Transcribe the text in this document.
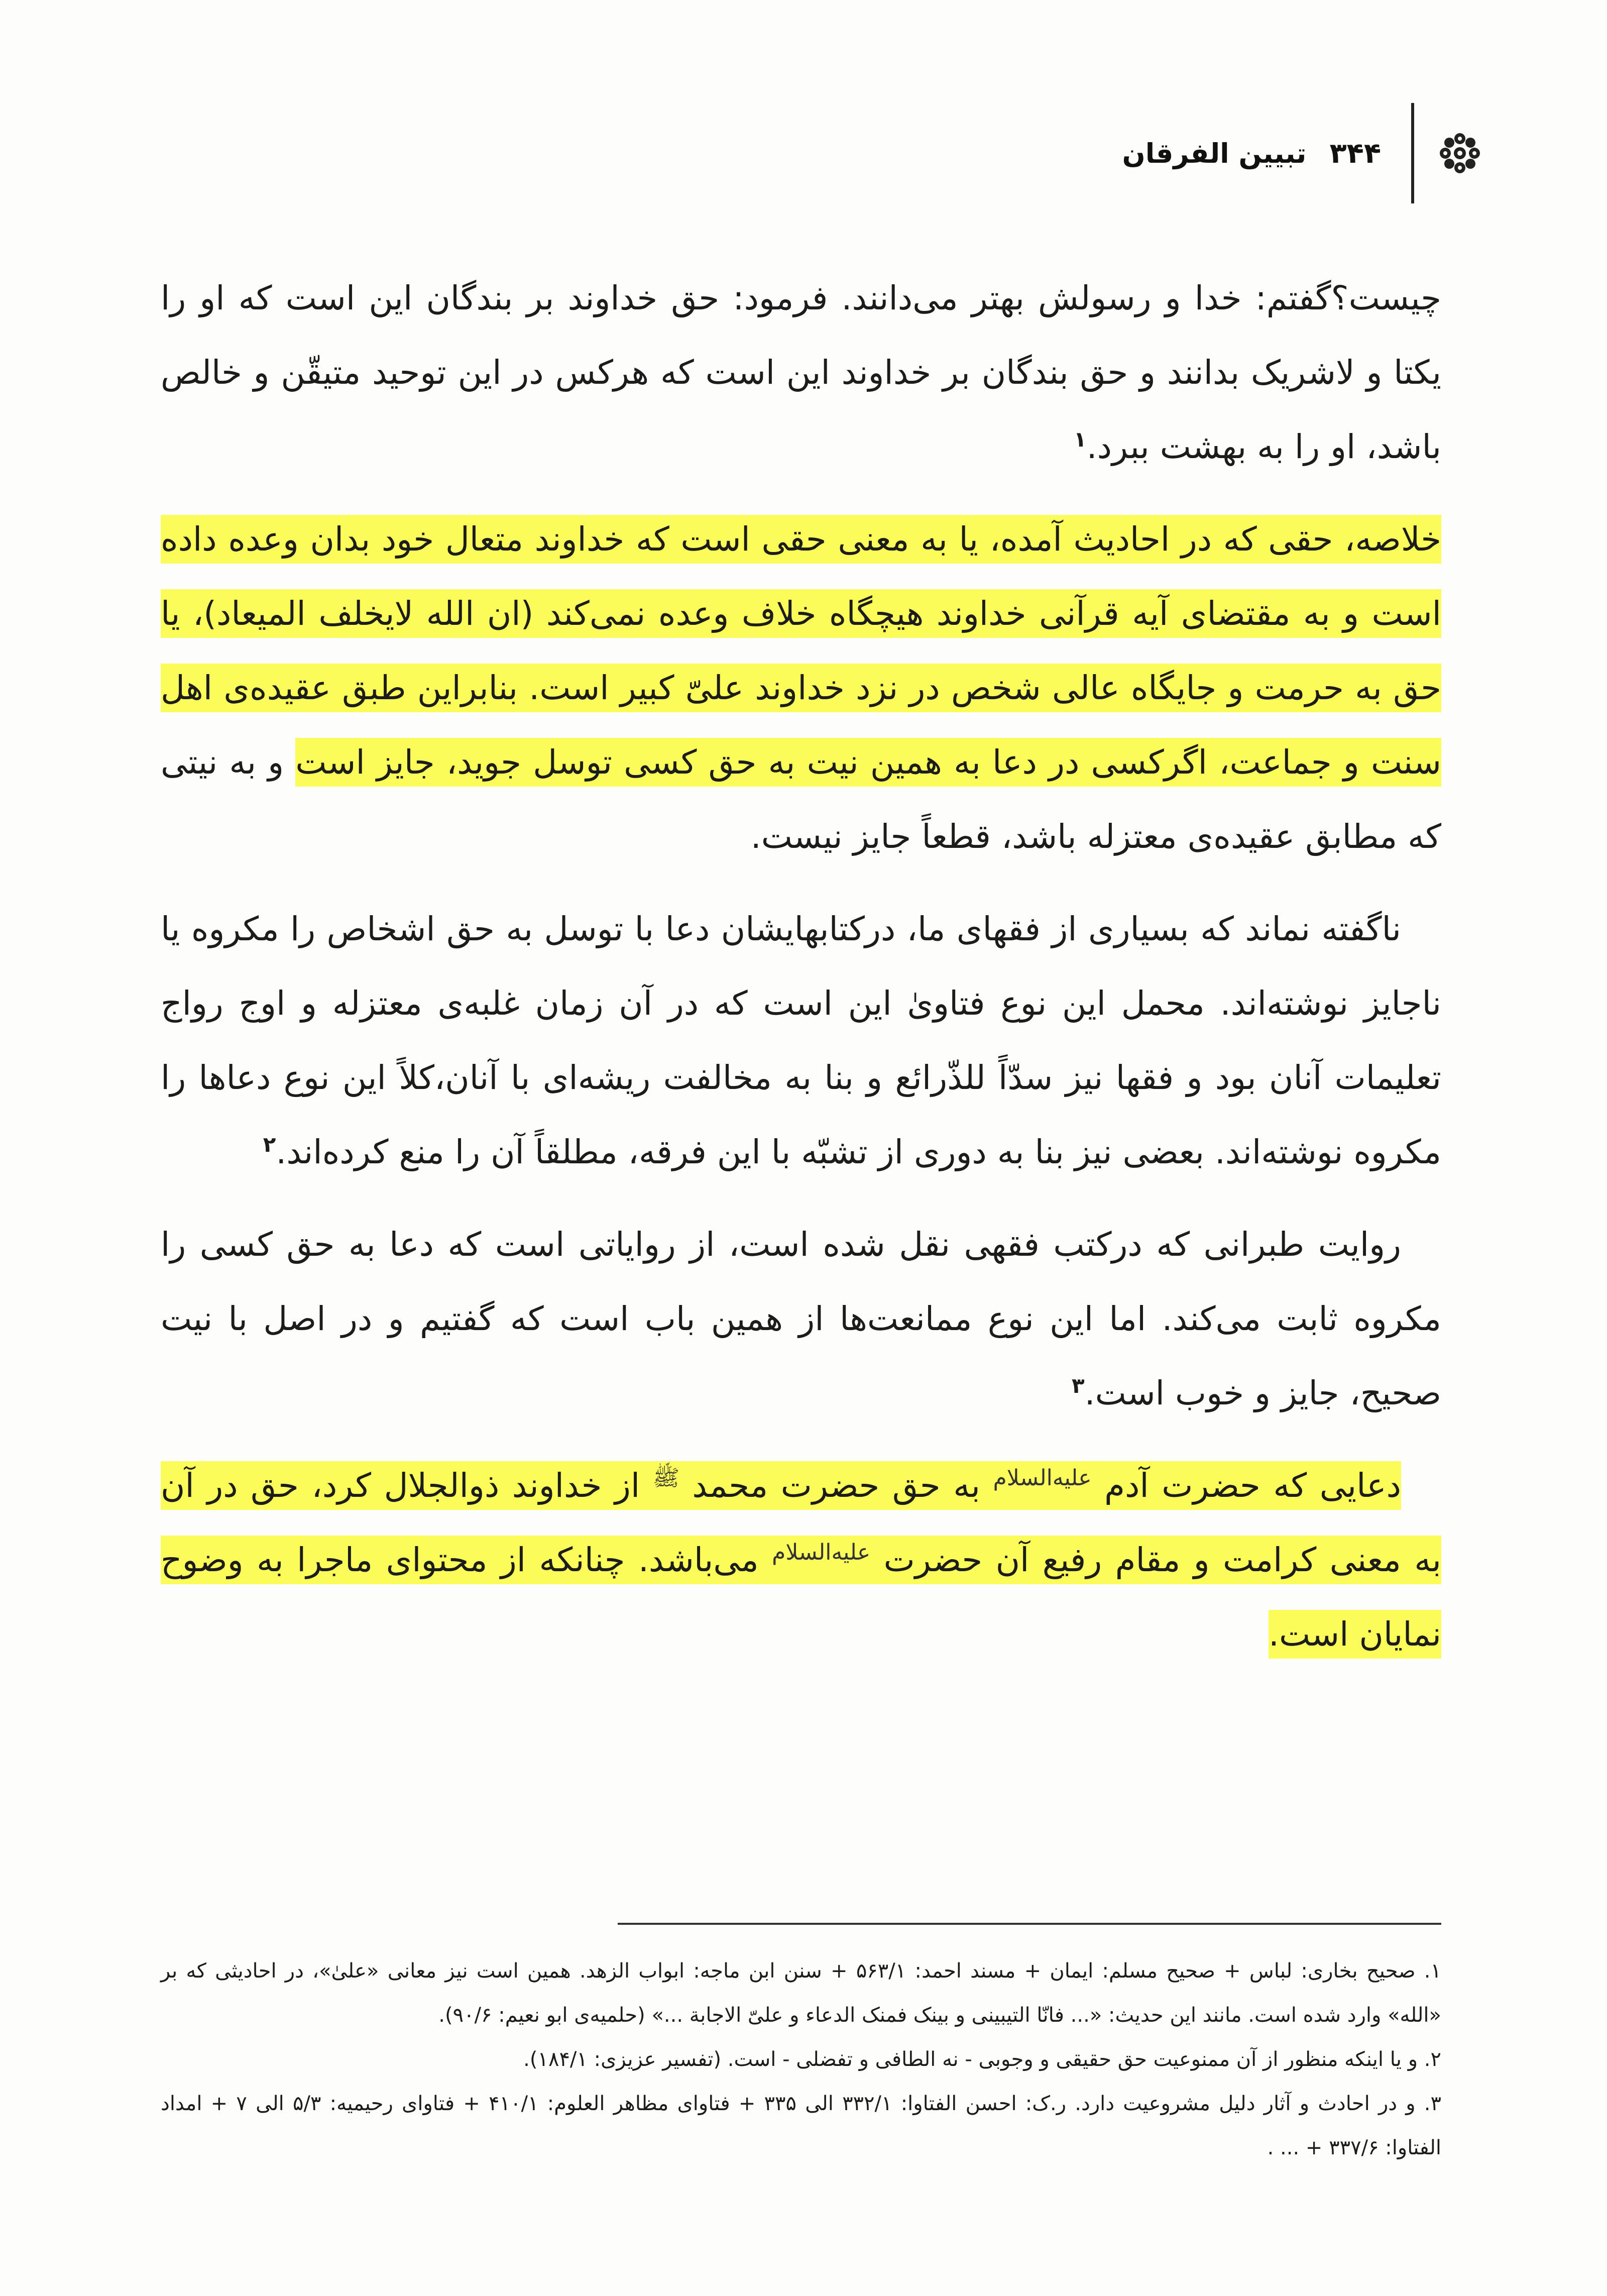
۳۴۴
تبیین الفرقان

چیست؟گفتم: خدا و رسولش بهتر می‌دانند. فرمود: حق خداوند بر بندگان این است که او را یکتا و لاشریک بدانند و حق بندگان بر خداوند این است که هرکس در این توحید متیقّن و خالص باشد، او را به بهشت ببرد.$^۱$

خلاصه، حقی که در احادیث آمده، یا به معنی حقی است که خداوند متعال خود بدان وعده داده است و به مقتضای آیه قرآنی خداوند هیچگاه خلاف وعده نمی‌کند (ان الله لایخلف المیعاد)، یا حق به حرمت و جایگاه عالی شخص در نزد خداوند علیّ کبیر است. بنابراین طبق عقیده‌ی اهل سنت و جماعت، اگرکسی در دعا به همین نیت به حق کسی توسل جوید، جایز است و به نیتی که مطابق عقیده‌ی معتزله باشد، قطعاً جایز نیست.

ناگفته نماند که بسیاری از فقهای ما، درکتابهایشان دعا با توسل به حق اشخاص را مکروه یا ناجایز نوشته‌اند. محمل این نوع فتاویٰ این است که در آن زمان غلبه‌ی معتزله و اوج رواج تعلیمات آنان بود و فقها نیز سدّاً للذّرائع و بنا به مخالفت ریشه‌ای با آنان،کلاً این نوع دعاها را مکروه نوشته‌اند. بعضی نیز بنا به دوری از تشبّه با این فرقه، مطلقاً آن را منع کرده‌اند.$^۲$

روایت طبرانی که درکتب فقهی نقل شده است، از روایاتی است که دعا به حق کسی را مکروه ثابت می‌کند. اما این نوع ممانعت‌ها از همین باب است که گفتیم و در اصل با نیت صحیح، جایز و خوب است.$^۳$

دعایی که حضرت آدم $^{عليه‌السلام}$ به حق حضرت محمد $^ﷺ$ از خداوند ذوالجلال کرد، حق در آن به معنی کرامت و مقام رفیع آن حضرت $^{عليه‌السلام}$ می‌باشد. چنانکه از محتوای ماجرا به وضوح نمایان است.

۱. صحیح بخاری: لباس + صحیح مسلم: ایمان + مسند احمد: ۵۶۳/۱ + سنن ابن ماجه: ابواب الزهد. همین است نیز معانی «علیٰ»، در احادیثی که بر «الله» وارد شده است. مانند این حدیث: «... فانّا التیبینی و بینک فمنک الدعاء و علیّ الاجابة ...» (حلمیه‌ی ابو نعیم: ۹۰/۶).

۲. و یا اینکه منظور از آن ممنوعیت حق حقیقی و وجوبی - نه الطافی و تفضلی - است. (تفسیر عزیزی: ۱۸۴/۱).

۳. و در احادث و آثار دلیل مشروعیت دارد. ر.ک: احسن الفتاوا: ۳۳۲/۱ الی ۳۳۵ + فتاوای مظاهر العلوم: ۴۱۰/۱ + فتاوای رحیمیه: ۵/۳ الی ۷ + امداد الفتاوا: ۳۳۷/۶ + ... .
